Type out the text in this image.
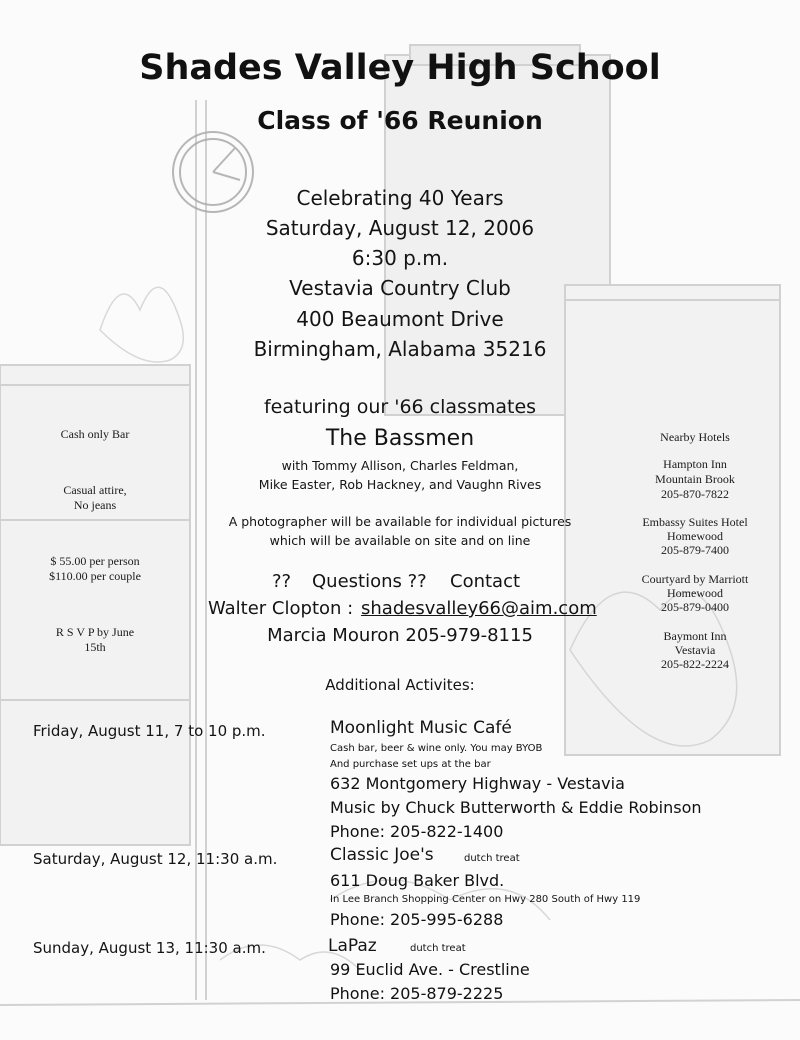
Shades Valley High School
Class of '66 Reunion
Celebrating 40 Years
Saturday, August 12, 2006
6:30 p.m.
Vestavia Country Club
400 Beaumont Drive
Birmingham, Alabama 35216
featuring our '66 classmates
The Bassmen
with Tommy Allison, Charles Feldman,
Mike Easter, Rob Hackney, and Vaughn Rives
A photographer will be available for individual pictures
which will be available on site and on line
?? Questions ?? Contact
Walter Clopton : shadesvalley66@aim.com
Marcia Mouron 205-979-8115
Cash only Bar
Casual attire,
No jeans
$ 55.00 per person
$110.00 per couple
R S V P by June
15th
Nearby Hotels
Hampton Inn
Mountain Brook
205-870-7822
Embassy Suites Hotel
Homewood
205-879-7400
Courtyard by Marriott
Homewood
205-879-0400
Baymont Inn
Vestavia
205-822-2224
Additional Activites:
Friday, August 11, 7 to 10 p.m.	Moonlight Music Café
Cash bar, beer & wine only. You may BYOB
And purchase set ups at the bar
632 Montgomery Highway - Vestavia
Music by Chuck Butterworth & Eddie Robinson
Phone: 205-822-1400
Saturday, August 12, 11:30 a.m.	Classic Joe's	dutch treat
611 Doug Baker Blvd.
In Lee Branch Shopping Center on Hwy 280 South of Hwy 119
Phone: 205-995-6288
Sunday, August 13, 11:30 a.m.	LaPaz	dutch treat
99 Euclid Ave. - Crestline
Phone: 205-879-2225
